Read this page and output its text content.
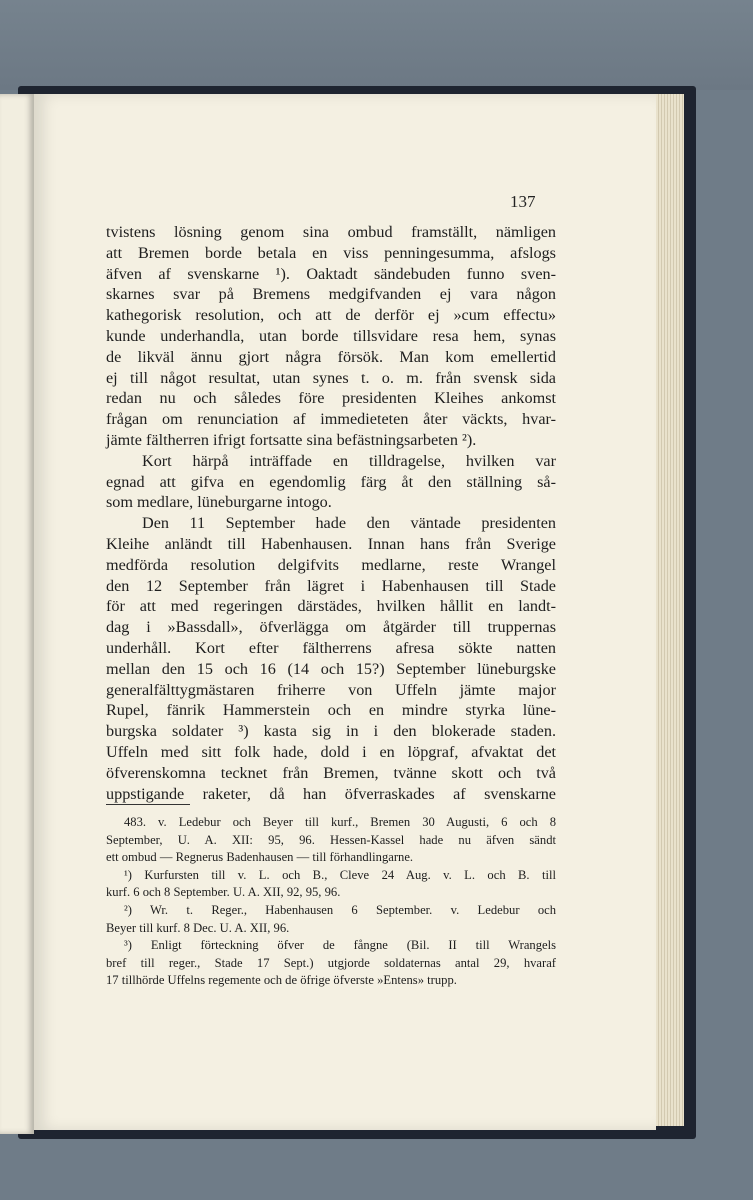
137
tvistens lösning genom sina ombud framställt, nämligen
att Bremen borde betala en viss penningesumma, afslogs
äfven af svenskarne ¹). Oaktadt sändebuden funno sven-
skarnes svar på Bremens medgifvanden ej vara någon
kathegorisk resolution, och att de derför ej »cum effectu»
kunde underhandla, utan borde tillsvidare resa hem, synas
de likväl ännu gjort några försök. Man kom emellertid
ej till något resultat, utan synes t. o. m. från svensk sida
redan nu och således före presidenten Kleihes ankomst
frågan om renunciation af immedieteten åter väckts, hvar-
jämte fältherren ifrigt fortsatte sina befästningsarbeten ²).
Kort härpå inträffade en tilldragelse, hvilken var
egnad att gifva en egendomlig färg åt den ställning så-
som medlare, lüneburgarne intogo.
Den 11 September hade den väntade presidenten
Kleihe anländt till Habenhausen. Innan hans från Sverige
medförda resolution delgifvits medlarne, reste Wrangel
den 12 September från lägret i Habenhausen till Stade
för att med regeringen därstädes, hvilken hållit en landt-
dag i »Bassdall», öfverlägga om åtgärder till truppernas
underhåll. Kort efter fältherrens afresa sökte natten
mellan den 15 och 16 (14 och 15?) September lüneburgske
generalfälttygmästaren friherre von Uffeln jämte major
Rupel, fänrik Hammerstein och en mindre styrka lüne-
burgska soldater ³) kasta sig in i den blokerade staden.
Uffeln med sitt folk hade, dold i en löpgraf, afvaktat det
öfverenskomna tecknet från Bremen, tvänne skott och två
uppstigande raketer, då han öfverraskades af svenskarne
483. v. Ledebur och Beyer till kurf., Bremen 30 Augusti, 6 och 8
September, U. A. XII: 95, 96. Hessen-Kassel hade nu äfven sändt
ett ombud — Regnerus Badenhausen — till förhandlingarne.
¹) Kurfursten till v. L. och B., Cleve 24 Aug. v. L. och B. till
kurf. 6 och 8 September. U. A. XII, 92, 95, 96.
²) Wr. t. Reger., Habenhausen 6 September. v. Ledebur och
Beyer till kurf. 8 Dec. U. A. XII, 96.
³) Enligt förteckning öfver de fångne (Bil. II till Wrangels
bref till reger., Stade 17 Sept.) utgjorde soldaternas antal 29, hvaraf
17 tillhörde Uffelns regemente och de öfrige öfverste »Entens» trupp.
